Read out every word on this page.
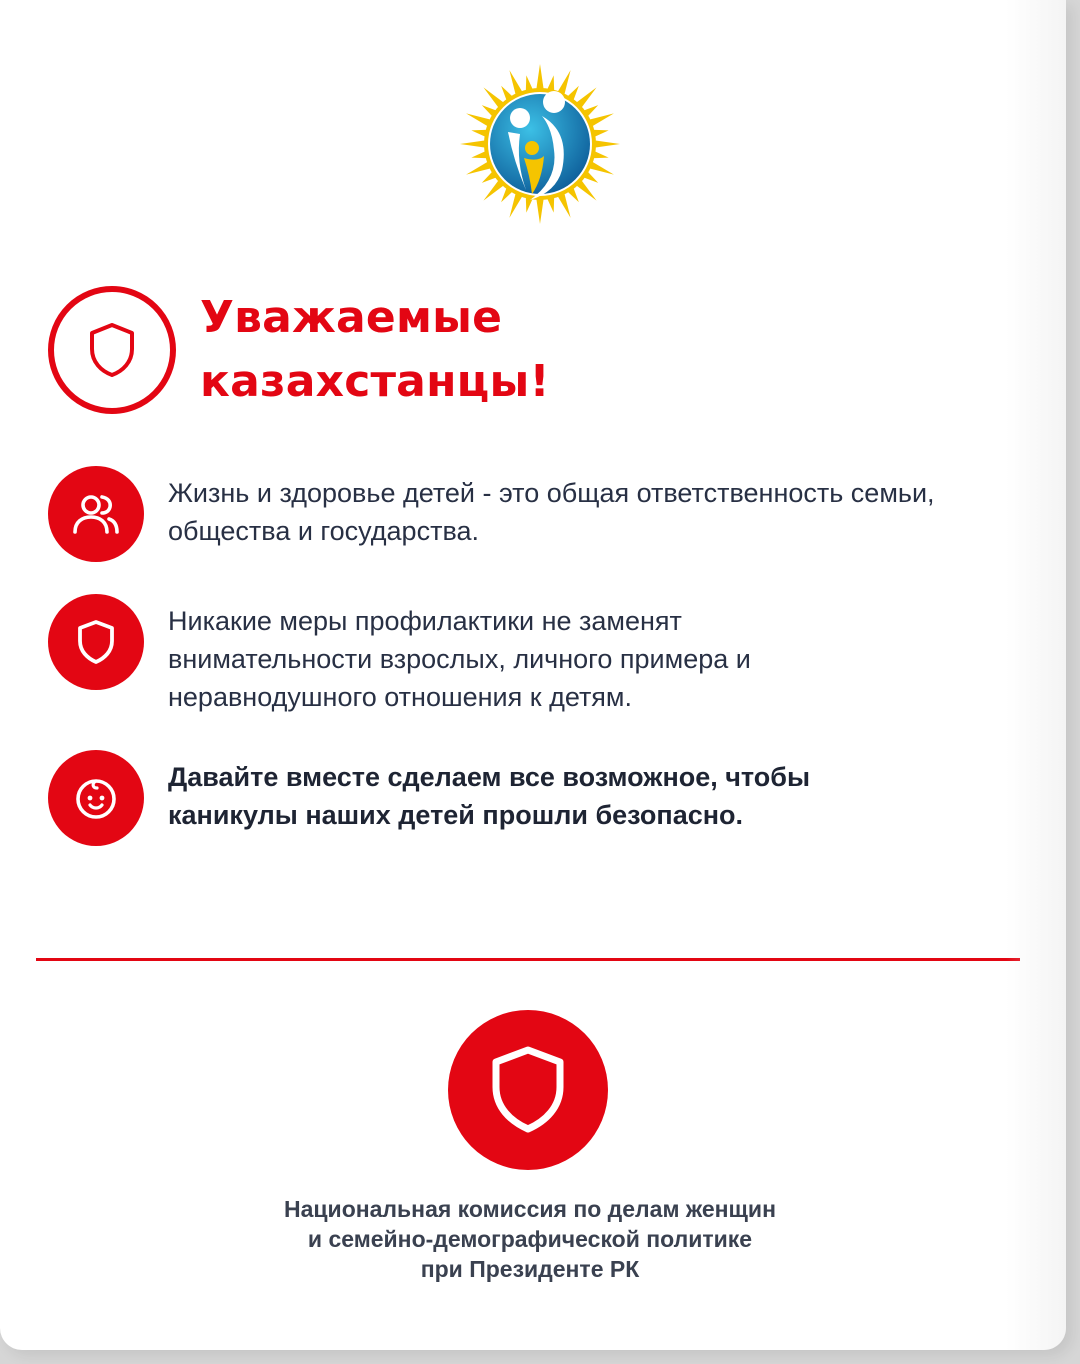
Уважаемые
казахстанцы!

Жизнь и здоровье детей - это общая ответственность семьи, общества и государства.

Никакие меры профилактики не заменят внимательности взрослых, личного примера и неравнодушного отношения к детям.

Давайте вместе сделаем все возможное, чтобы каникулы наших детей прошли безопасно.

Национальная комиссия по делам женщин
и семейно-демографической политике
при Президенте РК
